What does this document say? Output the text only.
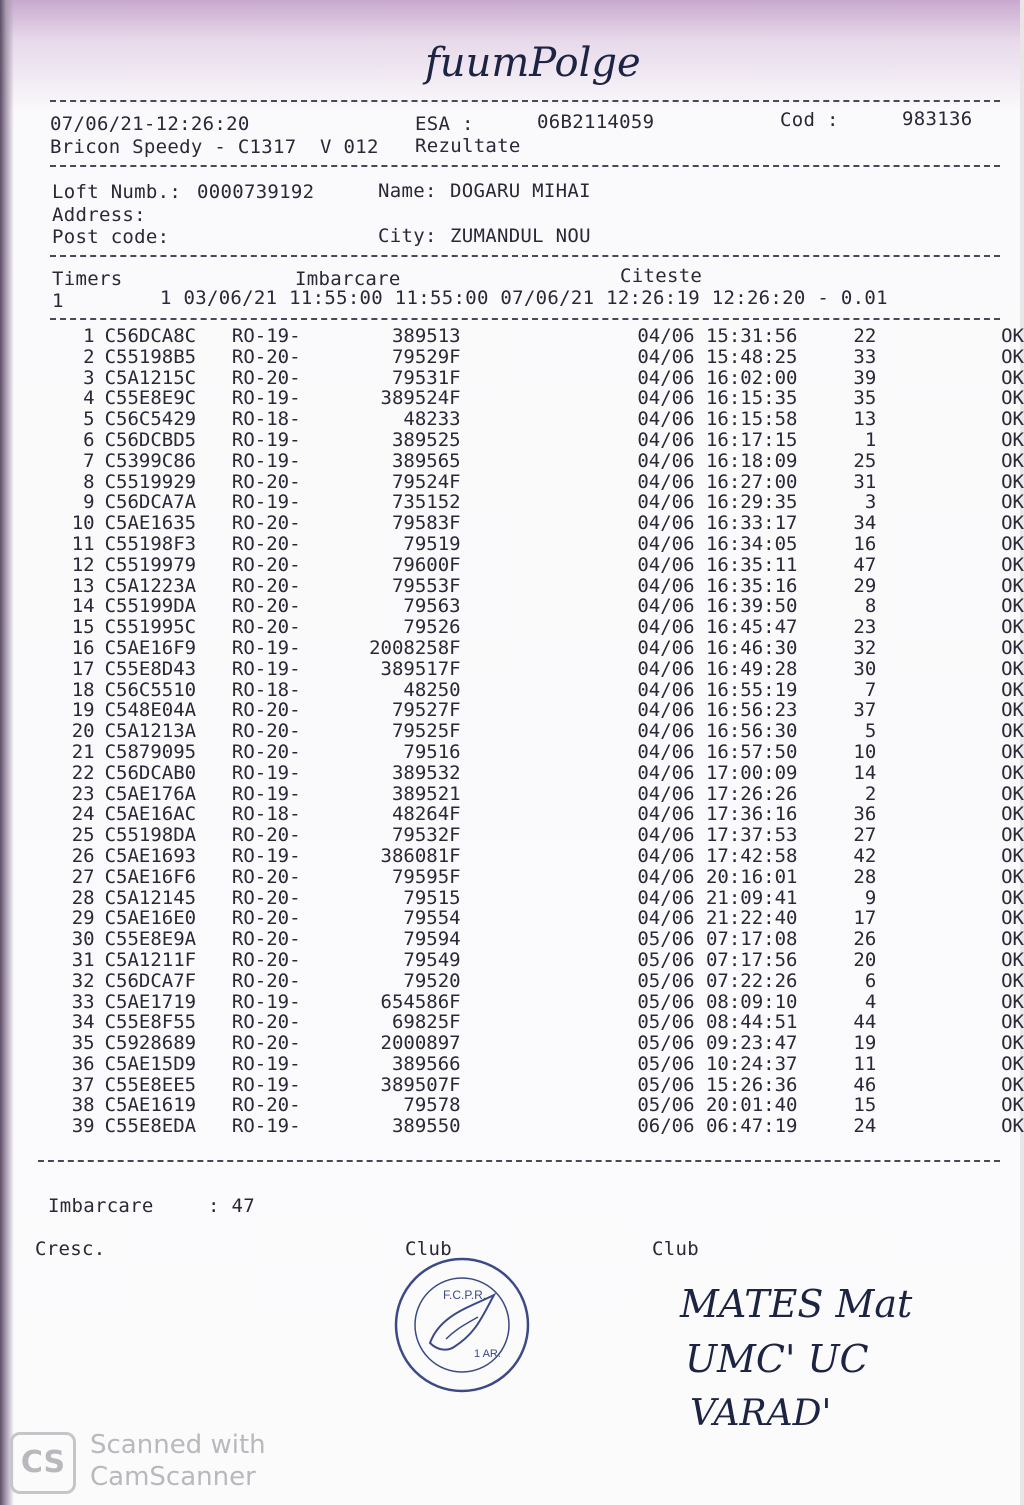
fuumPolge
07/06/21-12:26:20	ESA :	06B2114059	Cod :	983136
Bricon Speedy - C1317  V 012 Rezultate
Loft Numb.: 0000739192	Name: DOGARU MIHAI
Address:
Post code:	City: ZUMANDUL NOU
Timers	Imbarcare	Citeste
1	1 03/06/21 11:55:00 11:55:00 07/06/21 12:26:19 12:26:20 - 0.01
1	C56DCA8C	RO-19-	389513		04/06 15:31:56	22	OK
2	C55198B5	RO-20-	79529F		04/06 15:48:25	33	OK
3	C5A1215C	RO-20-	79531F		04/06 16:02:00	39	OK
4	C55E8E9C	RO-19-	389524F		04/06 16:15:35	35	OK
5	C56C5429	RO-18-	48233		04/06 16:15:58	13	OK
6	C56DCBD5	RO-19-	389525		04/06 16:17:15	1	OK
7	C5399C86	RO-19-	389565		04/06 16:18:09	25	OK
8	C5519929	RO-20-	79524F		04/06 16:27:00	31	OK
9	C56DCA7A	RO-19-	735152		04/06 16:29:35	3	OK
10	C5AE1635	RO-20-	79583F		04/06 16:33:17	34	OK
11	C55198F3	RO-20-	79519		04/06 16:34:05	16	OK
12	C5519979	RO-20-	79600F		04/06 16:35:11	47	OK
13	C5A1223A	RO-20-	79553F		04/06 16:35:16	29	OK
14	C55199DA	RO-20-	79563		04/06 16:39:50	8	OK
15	C551995C	RO-20-	79526		04/06 16:45:47	23	OK
16	C5AE16F9	RO-19-	2008258F		04/06 16:46:30	32	OK
17	C55E8D43	RO-19-	389517F		04/06 16:49:28	30	OK
18	C56C5510	RO-18-	48250		04/06 16:55:19	7	OK
19	C548E04A	RO-20-	79527F		04/06 16:56:23	37	OK
20	C5A1213A	RO-20-	79525F		04/06 16:56:30	5	OK
21	C5879095	RO-20-	79516		04/06 16:57:50	10	OK
22	C56DCAB0	RO-19-	389532		04/06 17:00:09	14	OK
23	C5AE176A	RO-19-	389521		04/06 17:26:26	2	OK
24	C5AE16AC	RO-18-	48264F		04/06 17:36:16	36	OK
25	C55198DA	RO-20-	79532F		04/06 17:37:53	27	OK
26	C5AE1693	RO-19-	386081F		04/06 17:42:58	42	OK
27	C5AE16F6	RO-20-	79595F		04/06 20:16:01	28	OK
28	C5A12145	RO-20-	79515		04/06 21:09:41	9	OK
29	C5AE16E0	RO-20-	79554		04/06 21:22:40	17	OK
30	C55E8E9A	RO-20-	79594		05/06 07:17:08	26	OK
31	C5A1211F	RO-20-	79549		05/06 07:17:56	20	OK
32	C56DCA7F	RO-20-	79520		05/06 07:22:26	6	OK
33	C5AE1719	RO-19-	654586F		05/06 08:09:10	4	OK
34	C55E8F55	RO-20-	69825F		05/06 08:44:51	44	OK
35	C5928689	RO-20-	2000897		05/06 09:23:47	19	OK
36	C5AE15D9	RO-19-	389566		05/06 10:24:37	11	OK
37	C55E8EE5	RO-19-	389507F		05/06 15:26:36	46	OK
38	C5AE1619	RO-20-	79578		05/06 20:01:40	15	OK
39	C55E8EDA	RO-19-	389550		06/06 06:47:19	24	OK
Imbarcare	: 47
Cresc.	Club	Club
F.C.P.R.
1 AR.
MATES Mat
UMC' UC
VARAD'
CS Scanned with
CamScanner
